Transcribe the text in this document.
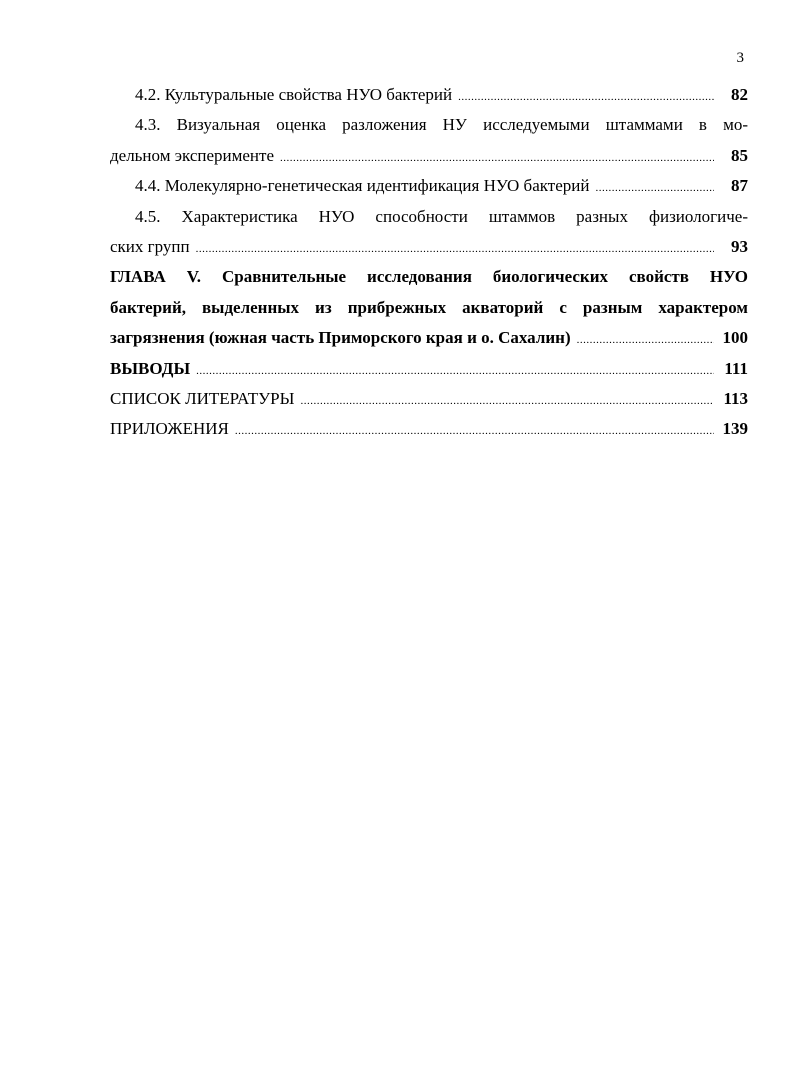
3
4.2. Культуральные свойства НУО бактерий .....	82
4.3. Визуальная оценка разложения НУ исследуемыми штаммами в мо-
дельном эксперименте .....	85
4.4. Молекулярно-генетическая идентификация НУО бактерий .....	87
4.5. Характеристика НУО способности штаммов разных физиологиче-
ских групп .....	93
ГЛАВА V. Сравнительные исследования биологических свойств НУО
бактерий, выделенных из прибрежных акваторий с разным характером
загрязнения (южная часть Приморского края и о. Сахалин) .....	100
ВЫВОДЫ .....	111
СПИСОК ЛИТЕРАТУРЫ .....	113
ПРИЛОЖЕНИЯ .....	139
